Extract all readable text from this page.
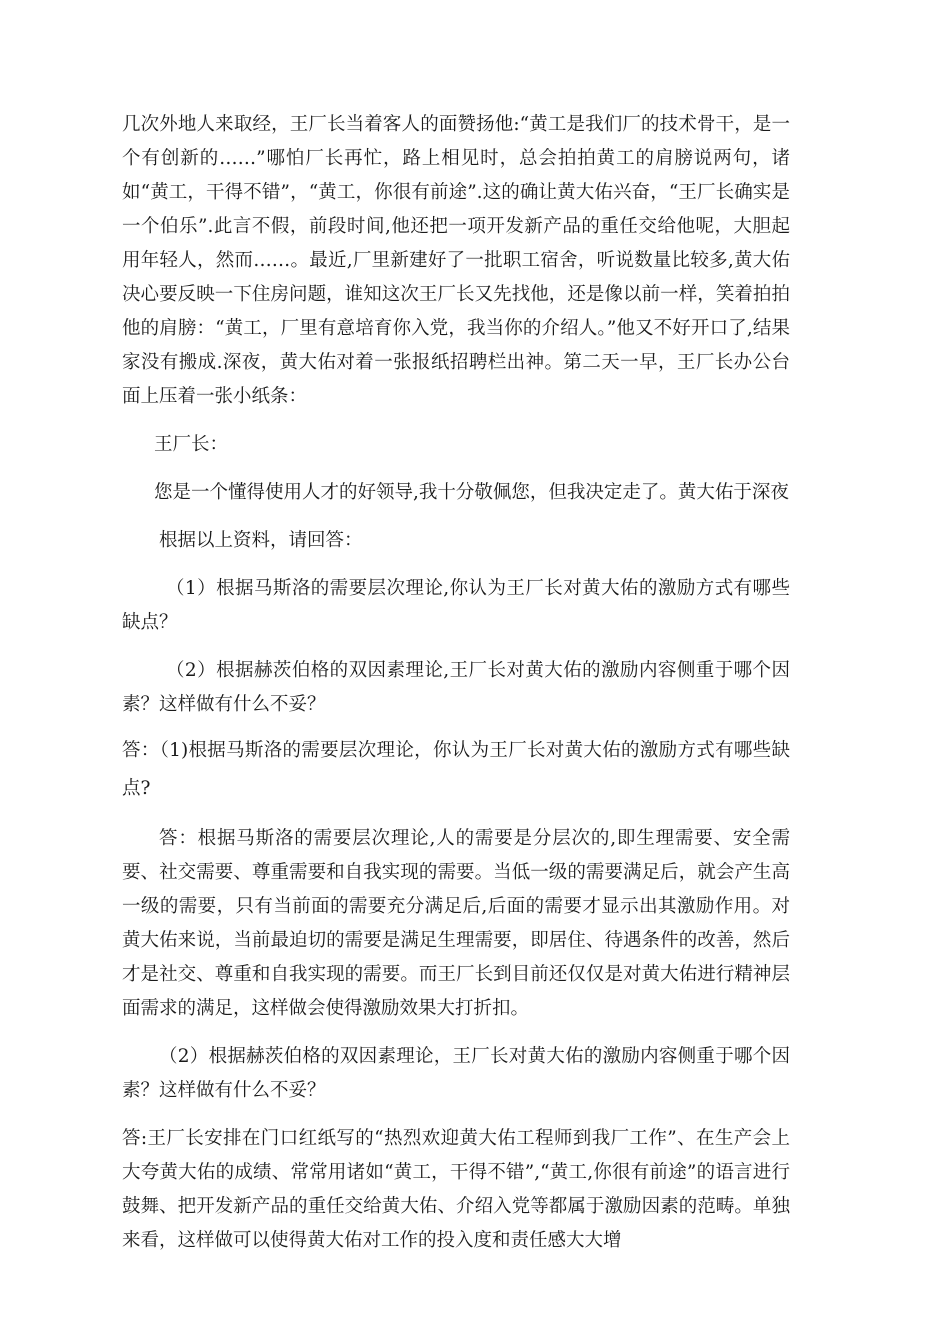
几次外地人来取经，王厂长当着客人的面赞扬他:“黄工是我们厂的技术骨干，是一个有创新的……”哪怕厂长再忙，路上相见时，总会拍拍黄工的肩膀说两句，诸如“黄工，干得不错”，“黄工，你很有前途”.这的确让黄大佑兴奋，“王厂长确实是一个伯乐”.此言不假，前段时间,他还把一项开发新产品的重任交给他呢，大胆起用年轻人，然而……。最近,厂里新建好了一批职工宿舍，听说数量比较多,黄大佑决心要反映一下住房问题，谁知这次王厂长又先找他，还是像以前一样，笑着拍拍他的肩膀：“黄工，厂里有意培育你入党，我当你的介绍人。”他又不好开口了,结果家没有搬成.深夜，黄大佑对着一张报纸招聘栏出神。第二天一早，王厂长办公台面上压着一张小纸条：

王厂长：

您是一个懂得使用人才的好领导,我十分敬佩您，但我决定走了。黄大佑于深夜

根据以上资料，请回答：

（1）根据马斯洛的需要层次理论,你认为王厂长对黄大佑的激励方式有哪些缺点？

（2）根据赫茨伯格的双因素理论,王厂长对黄大佑的激励内容侧重于哪个因素？这样做有什么不妥？

答：（1)根据马斯洛的需要层次理论，你认为王厂长对黄大佑的激励方式有哪些缺点?

答：根据马斯洛的需要层次理论,人的需要是分层次的,即生理需要、安全需要、社交需要、尊重需要和自我实现的需要。当低一级的需要满足后，就会产生高一级的需要，只有当前面的需要充分满足后,后面的需要才显示出其激励作用。对黄大佑来说，当前最迫切的需要是满足生理需要，即居住、待遇条件的改善，然后才是社交、尊重和自我实现的需要。而王厂长到目前还仅仅是对黄大佑进行精神层面需求的满足，这样做会使得激励效果大打折扣。

（2）根据赫茨伯格的双因素理论，王厂长对黄大佑的激励内容侧重于哪个因素？这样做有什么不妥？

答:王厂长安排在门口红纸写的“热烈欢迎黄大佑工程师到我厂工作”、在生产会上大夸黄大佑的成绩、常常用诸如“黄工，干得不错”,“黄工,你很有前途”的语言进行鼓舞、把开发新产品的重任交给黄大佑、介绍入党等都属于激励因素的范畴。单独来看，这样做可以使得黄大佑对工作的投入度和责任感大大增
